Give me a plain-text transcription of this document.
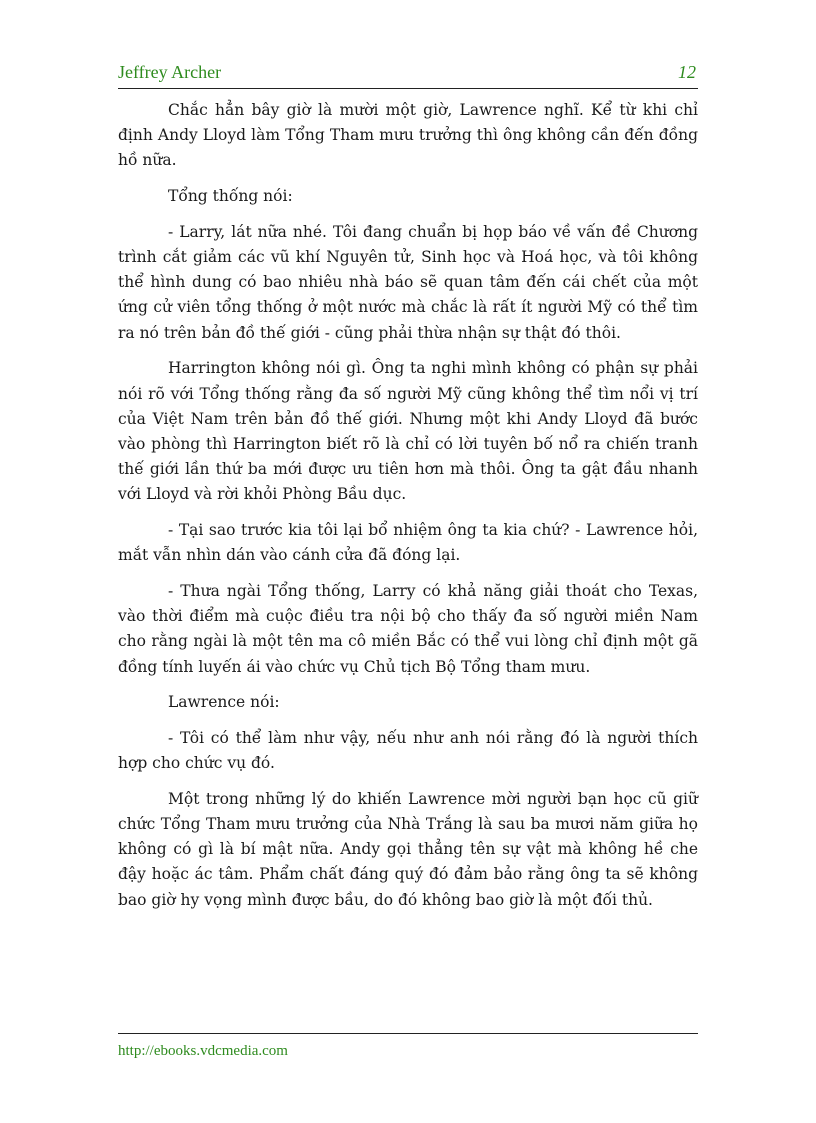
Jeffrey Archer	12

Chắc hẳn bây giờ là mười một giờ, Lawrence nghĩ. Kể từ khi chỉ định Andy Lloyd làm Tổng Tham mưu trưởng thì ông không cần đến đồng hồ nữa.

Tổng thống nói:

- Larry, lát nữa nhé. Tôi đang chuẩn bị họp báo về vấn đề Chương trình cắt giảm các vũ khí Nguyên tử, Sinh học và Hoá học, và tôi không thể hình dung có bao nhiêu nhà báo sẽ quan tâm đến cái chết của một ứng cử viên tổng thống ở một nước mà chắc là rất ít người Mỹ có thể tìm ra nó trên bản đồ thế giới - cũng phải thừa nhận sự thật đó thôi.

Harrington không nói gì. Ông ta nghi mình không có phận sự phải nói rõ với Tổng thống rằng đa số người Mỹ cũng không thể tìm nổi vị trí của Việt Nam trên bản đồ thế giới. Nhưng một khi Andy Lloyd đã bước vào phòng thì Harrington biết rõ là chỉ có lời tuyên bố nổ ra chiến tranh thế giới lần thứ ba mới được ưu tiên hơn mà thôi. Ông ta gật đầu nhanh với Lloyd và rời khỏi Phòng Bầu dục.

- Tại sao trước kia tôi lại bổ nhiệm ông ta kia chứ? - Lawrence hỏi, mắt vẫn nhìn dán vào cánh cửa đã đóng lại.

- Thưa ngài Tổng thống, Larry có khả năng giải thoát cho Texas, vào thời điểm mà cuộc điều tra nội bộ cho thấy đa số người miền Nam cho rằng ngài là một tên ma cô miền Bắc có thể vui lòng chỉ định một gã đồng tính luyến ái vào chức vụ Chủ tịch Bộ Tổng tham mưu.

Lawrence nói:

- Tôi có thể làm như vậy, nếu như anh nói rằng đó là người thích hợp cho chức vụ đó.

Một trong những lý do khiến Lawrence mời người bạn học cũ giữ chức Tổng Tham mưu trưởng của Nhà Trắng là sau ba mươi năm giữa họ không có gì là bí mật nữa. Andy gọi thẳng tên sự vật mà không hề che đậy hoặc ác tâm. Phẩm chất đáng quý đó đảm bảo rằng ông ta sẽ không bao giờ hy vọng mình được bầu, do đó không bao giờ là một đối thủ.

http://ebooks.vdcmedia.com
